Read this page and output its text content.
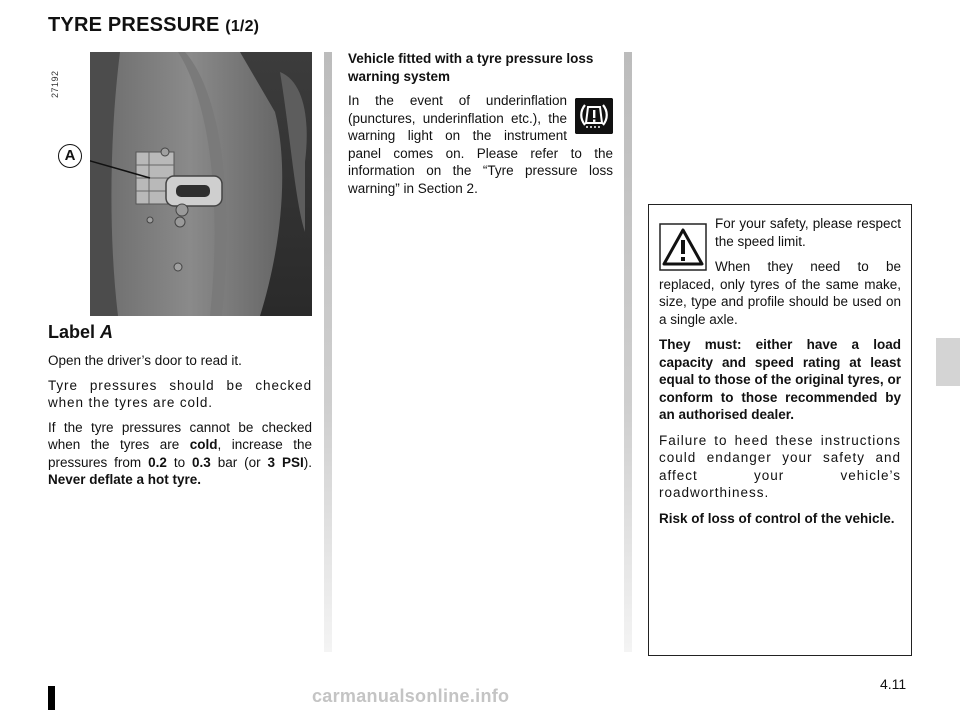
TYRE PRESSURE (1/2)
27192
A
Label A

Open the driver’s door to read it.

Tyre pressures should be checked when the tyres are cold.

If the tyre pressures cannot be checked when the tyres are cold, increase the pressures from 0.2 to 0.3 bar (or 3 PSI). Never deflate a hot tyre.

Vehicle fitted with a tyre pressure loss warning system

In the event of underinflation (punctures, underinflation etc.), the warning light on the instrument panel comes on. Please refer to the information on the “Tyre pressure loss warning” in Section 2.

For your safety, please respect the speed limit.

When they need to be replaced, only tyres of the same make, size, type and profile should be used on a single axle.

They must: either have a load capacity and speed rating at least equal to those of the original tyres, or conform to those recommended by an authorised dealer.

Failure to heed these instructions could endanger your safety and affect your vehicle’s roadworthiness.

Risk of loss of control of the vehicle.

4.11
carmanualsonline.info
